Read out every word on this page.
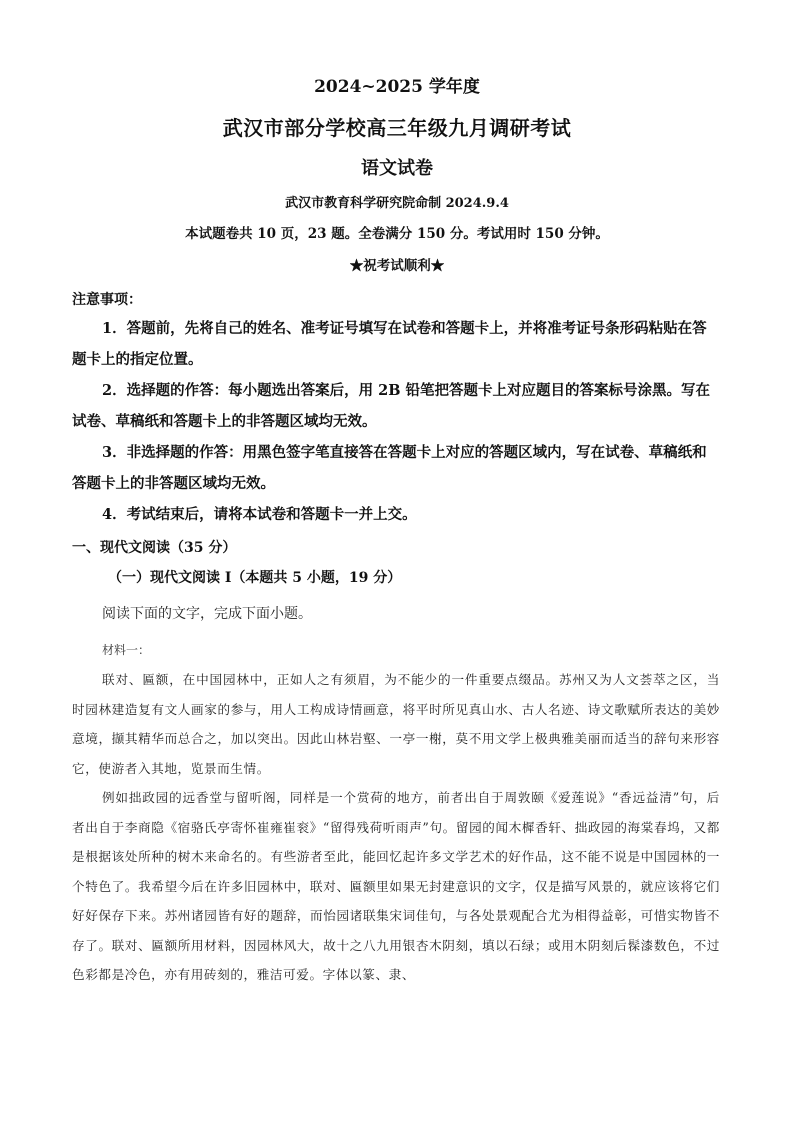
2024~2025 学年度
武汉市部分学校高三年级九月调研考试
语文试卷
武汉市教育科学研究院命制 2024.9.4
本试题卷共 10 页，23 题。全卷满分 150 分。考试用时 150 分钟。
★祝考试顺利★
注意事项：
1．答题前，先将自己的姓名、准考证号填写在试卷和答题卡上，并将准考证号条形码粘贴在答题卡上的指定位置。
2．选择题的作答：每小题选出答案后，用 2B 铅笔把答题卡上对应题目的答案标号涂黑。写在试卷、草稿纸和答题卡上的非答题区域均无效。
3．非选择题的作答：用黑色签字笔直接答在答题卡上对应的答题区域内，写在试卷、草稿纸和答题卡上的非答题区域均无效。
4．考试结束后，请将本试卷和答题卡一并上交。
一、现代文阅读（35 分）
（一）现代文阅读 I（本题共 5 小题，19 分）
阅读下面的文字，完成下面小题。
材料一：

联对、匾额，在中国园林中，正如人之有须眉，为不能少的一件重要点缀品。苏州又为人文荟萃之区，当时园林建造复有文人画家的参与，用人工构成诗情画意，将平时所见真山水、古人名迹、诗文歌赋所表达的美妙意境，撷其精华而总合之，加以突出。因此山林岩壑、一亭一榭，莫不用文学上极典雅美丽而适当的辞句来形容它，使游者入其地，览景而生情。

例如拙政园的远香堂与留听阁，同样是一个赏荷的地方，前者出自于周敦颐《爱莲说》“香远益清”句，后者出自于李商隐《宿骆氏亭寄怀崔雍崔衮》“留得残荷听雨声”句。留园的闻木樨香轩、拙政园的海棠春坞，又都是根据该处所种的树木来命名的。有些游者至此，能回忆起许多文学艺术的好作品，这不能不说是中国园林的一个特色了。我希望今后在许多旧园林中，联对、匾额里如果无封建意识的文字，仅是描写风景的，就应该将它们好好保存下来。苏州诸园皆有好的题辞，而怡园诸联集宋词佳句，与各处景观配合尤为相得益彰，可惜实物皆不存了。联对、匾额所用材料，因园林风大，故十之八九用银杏木阴刻，填以石绿；或用木阴刻后髹漆数色，不过色彩都是冷色，亦有用砖刻的，雅洁可爱。字体以篆、隶、
